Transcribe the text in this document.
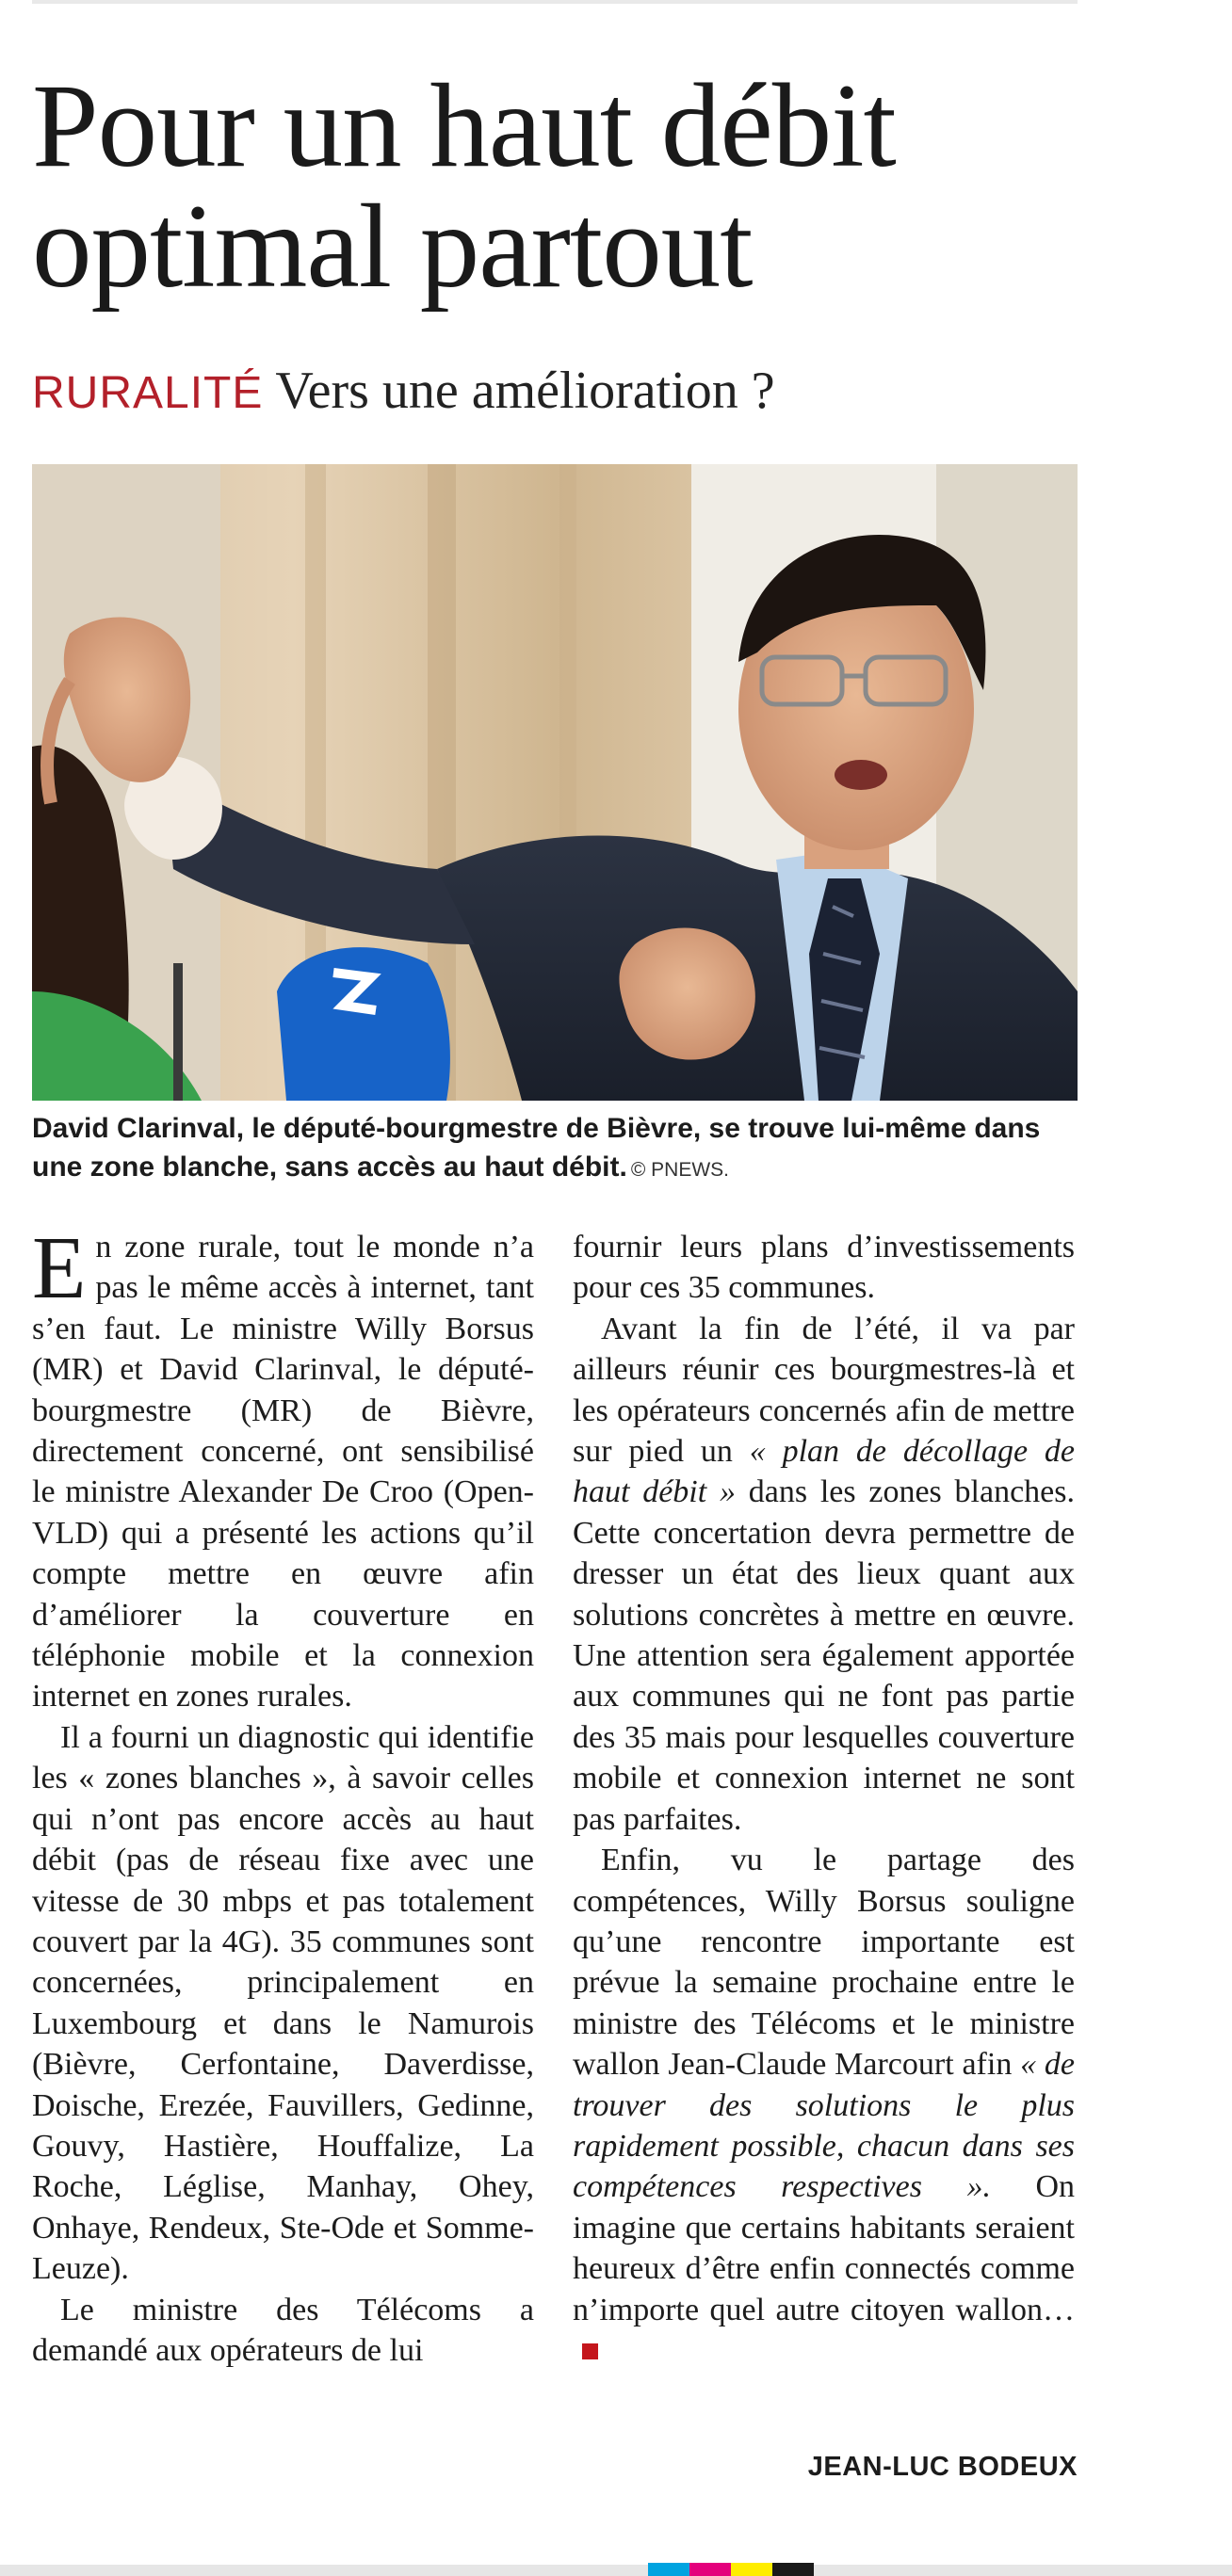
Pour un haut débit
optimal partout
RURALITÉ Vers une amélioration ?
David Clarinval, le député-bourgmestre de Bièvre, se trouve lui-même dans une zone blanche, sans accès au haut débit. © PNEWS.

En zone rurale, tout le monde n’a pas le même accès à internet, tant s’en faut. Le ministre Willy Borsus (MR) et David Clarinval, le député-bourgmestre (MR) de Bièvre, directement concerné, ont sensibilisé le ministre Alexander De Croo (Open-VLD) qui a présenté les actions qu’il compte mettre en œuvre afin d’améliorer la couverture en téléphonie mobile et la connexion internet en zones rurales.

Il a fourni un diagnostic qui identifie les « zones blanches », à savoir celles qui n’ont pas encore accès au haut débit (pas de réseau fixe avec une vitesse de 30 mbps et pas totalement couvert par la 4G). 35 communes sont concernées, principalement en Luxembourg et dans le Namurois (Bièvre, Cerfontaine, Daverdisse, Doische, Erezée, Fauvillers, Gedinne, Gouvy, Hastière, Houffalize, La Roche, Léglise, Manhay, Ohey, Onhaye, Rendeux, Ste-Ode et Somme-Leuze).

Le ministre des Télécoms a demandé aux opérateurs de lui

fournir leurs plans d’investissements pour ces 35 communes.

Avant la fin de l’été, il va par ailleurs réunir ces bourgmestres-là et les opérateurs concernés afin de mettre sur pied un « plan de décollage de haut débit » dans les zones blanches. Cette concertation devra permettre de dresser un état des lieux quant aux solutions concrètes à mettre en œuvre. Une attention sera également apportée aux communes qui ne font pas partie des 35 mais pour lesquelles couverture mobile et connexion internet ne sont pas parfaites.

Enfin, vu le partage des compétences, Willy Borsus souligne qu’une rencontre importante est prévue la semaine prochaine entre le ministre des Télécoms et le ministre wallon Jean-Claude Marcourt afin « de trouver des solutions le plus rapidement possible, chacun dans ses compétences respectives ». On imagine que certains habitants seraient heureux d’être enfin connectés comme n’importe quel autre citoyen wallon…

JEAN-LUC BODEUX
